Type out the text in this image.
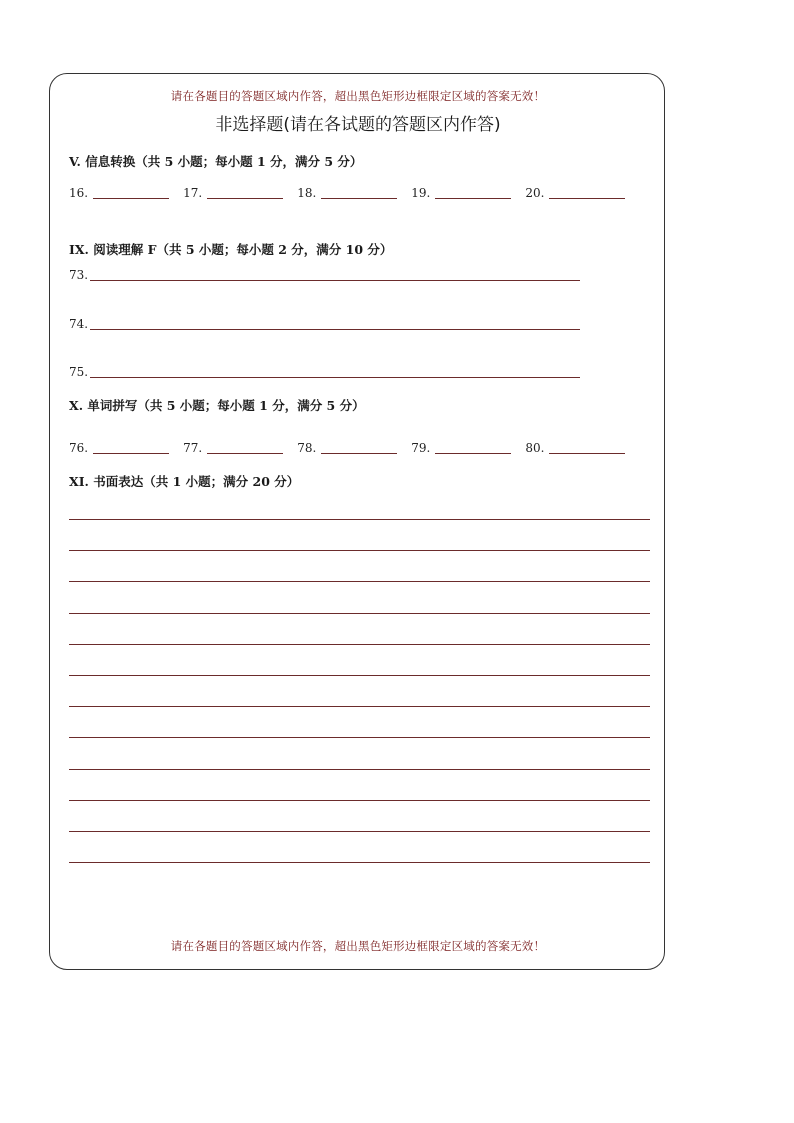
请在各题目的答题区域内作答，超出黑色矩形边框限定区域的答案无效！
非选择题(请在各试题的答题区内作答)
V. 信息转换（共 5 小题；每小题 1 分，满分 5 分）
16.	17.	18.	19.	20.
IX. 阅读理解 F（共 5 小题；每小题 2 分，满分 10 分）
73.
74.
75.
X. 单词拼写（共 5 小题；每小题 1 分，满分 5 分）
76.	77.	78.	79.	80.
XI. 书面表达（共 1 小题；满分 20 分）
请在各题目的答题区域内作答，超出黑色矩形边框限定区域的答案无效！
